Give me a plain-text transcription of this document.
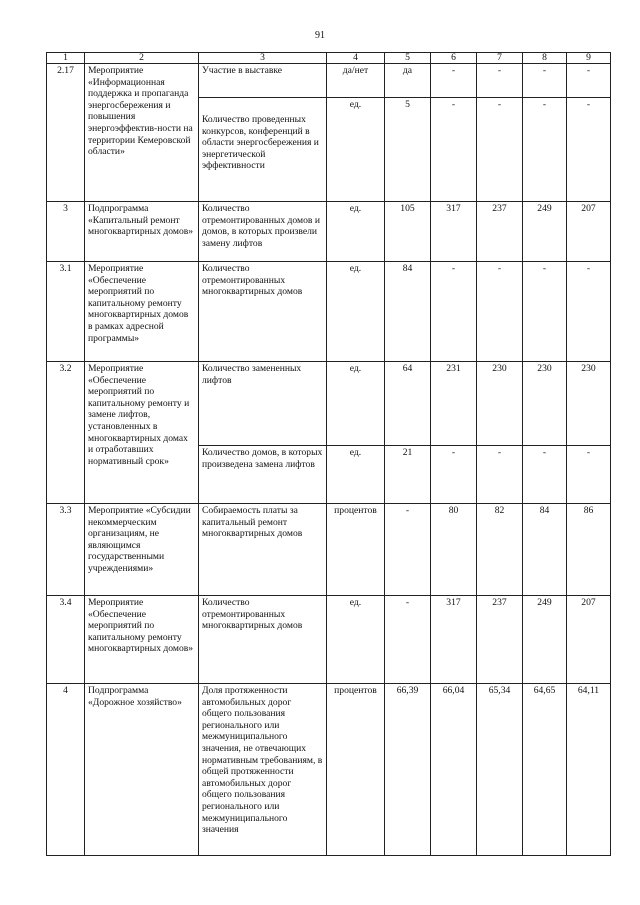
91
1	2	3	4	5	6	7	8	9
2.17	Мероприятие «Информационная поддержка и пропаганда энергосбережения и повышения энергоэффектив-ности на территории Кемеровской области»	Участие в выставке	да/нет	да	-	-	-	-
		Количество проведенных конкурсов, конференций в области энергосбережения и энергетической эффективности	ед.	5	-	-	-	-
3	Подпрограмма «Капитальный ремонт многоквартирных домов»	Количество отремонтированных домов и домов, в которых произвели замену лифтов	ед.	105	317	237	249	207
3.1	Мероприятие «Обеспечение мероприятий по капитальному ремонту многоквартирных домов в рамках адресной программы»	Количество отремонтированных многоквартирных домов	ед.	84	-	-	-	-
3.2	Мероприятие «Обеспечение мероприятий по капитальному ремонту и замене лифтов, установленных в многоквартирных домах и отработавших нормативный срок»	Количество замененных лифтов	ед.	64	231	230	230	230
		Количество домов, в которых произведена замена лифтов	ед.	21	-	-	-	-
3.3	Мероприятие «Субсидии некоммерческим организациям, не являющимся государственными учреждениями»	Собираемость платы за капитальный ремонт многоквартирных домов	процентов	-	80	82	84	86
3.4	Мероприятие «Обеспечение мероприятий по капитальному ремонту многоквартирных домов»	Количество отремонтированных многоквартирных домов	ед.	-	317	237	249	207
4	Подпрограмма «Дорожное хозяйство»	Доля протяженности автомобильных дорог общего пользования регионального или межмуниципального значения, не отвечающих нормативным требованиям, в общей протяженности автомобильных дорог общего пользования регионального или межмуниципального значения	процентов	66,39	66,04	65,34	64,65	64,11
